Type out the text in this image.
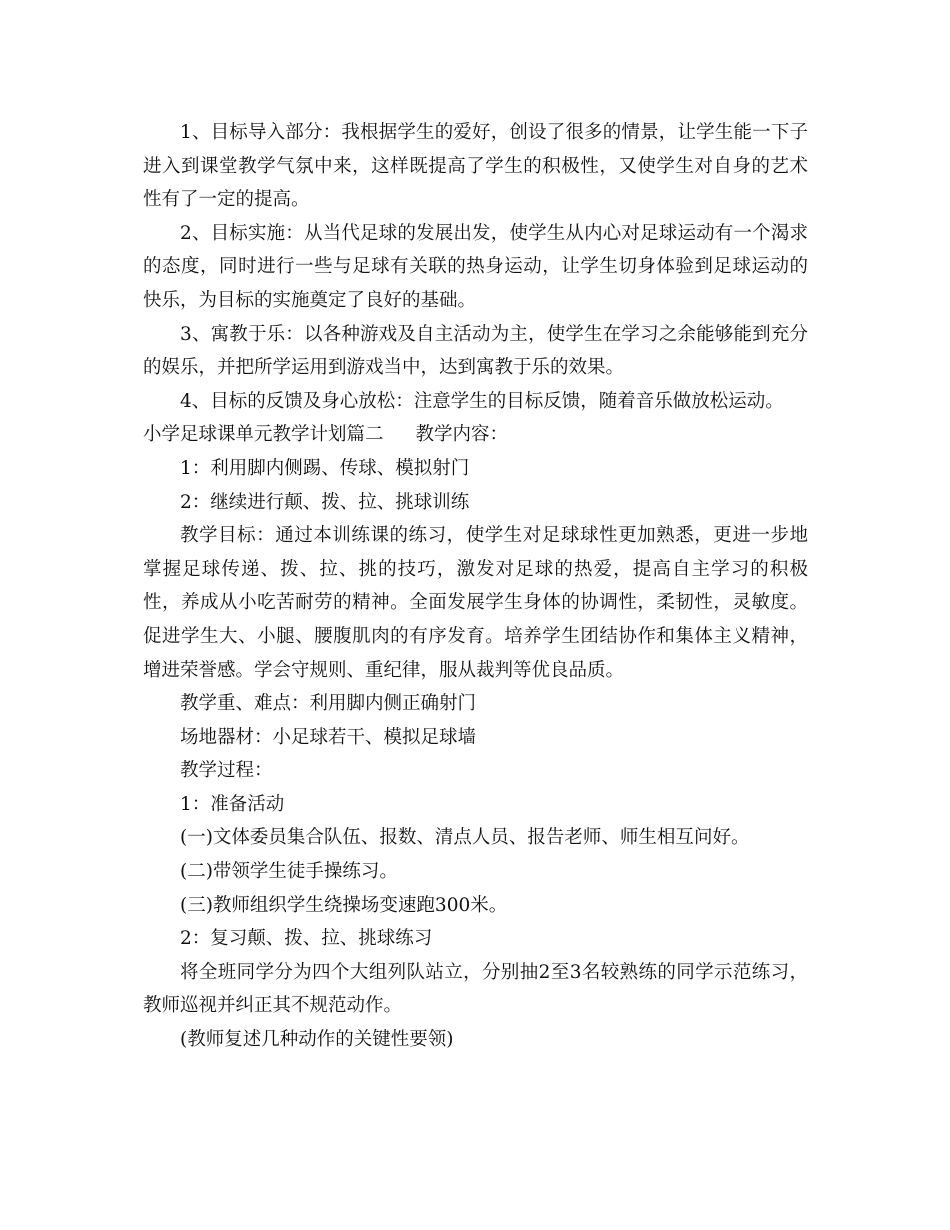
1、目标导入部分：我根据学生的爱好，创设了很多的情景，让学生能一下子进入到课堂教学气氛中来，这样既提高了学生的积极性，又使学生对自身的艺术性有了一定的提高。

2、目标实施：从当代足球的发展出发，使学生从内心对足球运动有一个渴求的态度，同时进行一些与足球有关联的热身运动，让学生切身体验到足球运动的快乐，为目标的实施奠定了良好的基础。

3、寓教于乐：以各种游戏及自主活动为主，使学生在学习之余能够能到充分的娱乐，并把所学运用到游戏当中，达到寓教于乐的效果。

4、目标的反馈及身心放松：注意学生的目标反馈，随着音乐做放松运动。

小学足球课单元教学计划篇二 教学内容：

1：利用脚内侧踢、传球、模拟射门

2：继续进行颠、拨、拉、挑球训练

教学目标：通过本训练课的练习，使学生对足球球性更加熟悉，更进一步地掌握足球传递、拨、拉、挑的技巧，激发对足球的热爱，提高自主学习的积极性，养成从小吃苦耐劳的精神。全面发展学生身体的协调性，柔韧性，灵敏度。促进学生大、小腿、腰腹肌肉的有序发育。培养学生团结协作和集体主义精神，增进荣誉感。学会守规则、重纪律，服从裁判等优良品质。

教学重、难点：利用脚内侧正确射门

场地器材：小足球若干、模拟足球墙

教学过程：

1：准备活动

(一)文体委员集合队伍、报数、清点人员、报告老师、师生相互问好。

(二)带领学生徒手操练习。

(三)教师组织学生绕操场变速跑300米。

2：复习颠、拨、拉、挑球练习

将全班同学分为四个大组列队站立，分别抽2至3名较熟练的同学示范练习，教师巡视并纠正其不规范动作。

(教师复述几种动作的关键性要领)
